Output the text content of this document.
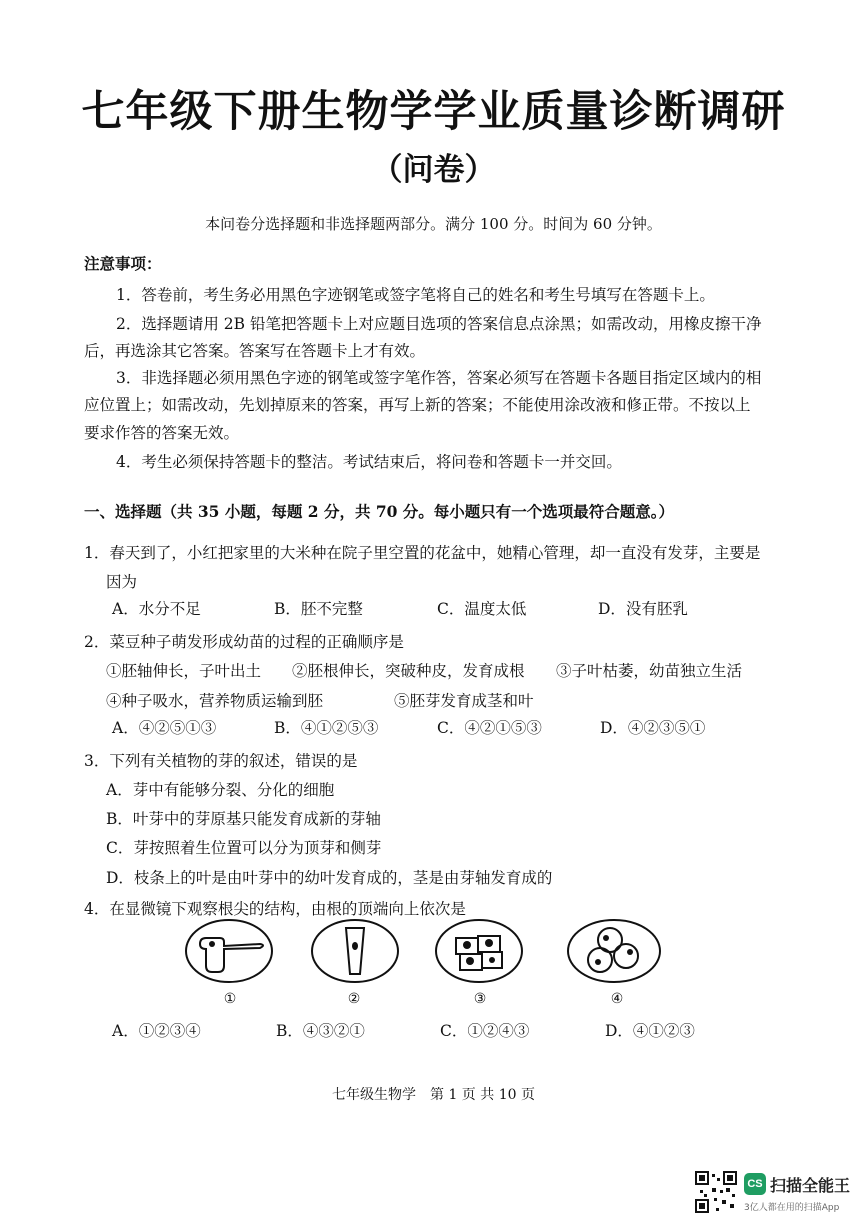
七年级下册生物学学业质量诊断调研
（问卷）
本问卷分选择题和非选择题两部分。满分 100 分。时间为 60 分钟。
注意事项：
1．答卷前，考生务必用黑色字迹钢笔或签字笔将自己的姓名和考生号填写在答题卡上。
2．选择题请用 2B 铅笔把答题卡上对应题目选项的答案信息点涂黑；如需改动，用橡皮擦干净
后，再选涂其它答案。答案写在答题卡上才有效。
3．非选择题必须用黑色字迹的钢笔或签字笔作答，答案必须写在答题卡各题目指定区域内的相
应位置上；如需改动，先划掉原来的答案，再写上新的答案；不能使用涂改液和修正带。不按以上
要求作答的答案无效。
4．考生必须保持答题卡的整洁。考试结束后，将问卷和答题卡一并交回。
一、选择题（共 35 小题，每题 2 分，共 70 分。每小题只有一个选项最符合题意。）
1．春天到了，小红把家里的大米种在院子里空置的花盆中，她精心管理，却一直没有发芽，主要是
因为
A．水分不足	B．胚不完整	C．温度太低	D．没有胚乳
2．菜豆种子萌发形成幼苗的过程的正确顺序是
①胚轴伸长，子叶出土 ②胚根伸长，突破种皮，发育成根 ③子叶枯萎，幼苗独立生活
④种子吸水，营养物质运输到胚	⑤胚芽发育成茎和叶
A．④②⑤①③	B．④①②⑤③	C．④②①⑤③	D．④②③⑤①
3．下列有关植物的芽的叙述，错误的是
A．芽中有能够分裂、分化的细胞
B．叶芽中的芽原基只能发育成新的芽轴
C．芽按照着生位置可以分为顶芽和侧芽
D．枝条上的叶是由叶芽中的幼叶发育成的，茎是由芽轴发育成的
4．在显微镜下观察根尖的结构，由根的顶端向上依次是
①	②	③	④
A．①②③④	B．④③②①	C．①②④③	D．④①②③
七年级生物学　第 1 页 共 10 页
CS 扫描全能王
3亿人都在用的扫描App
